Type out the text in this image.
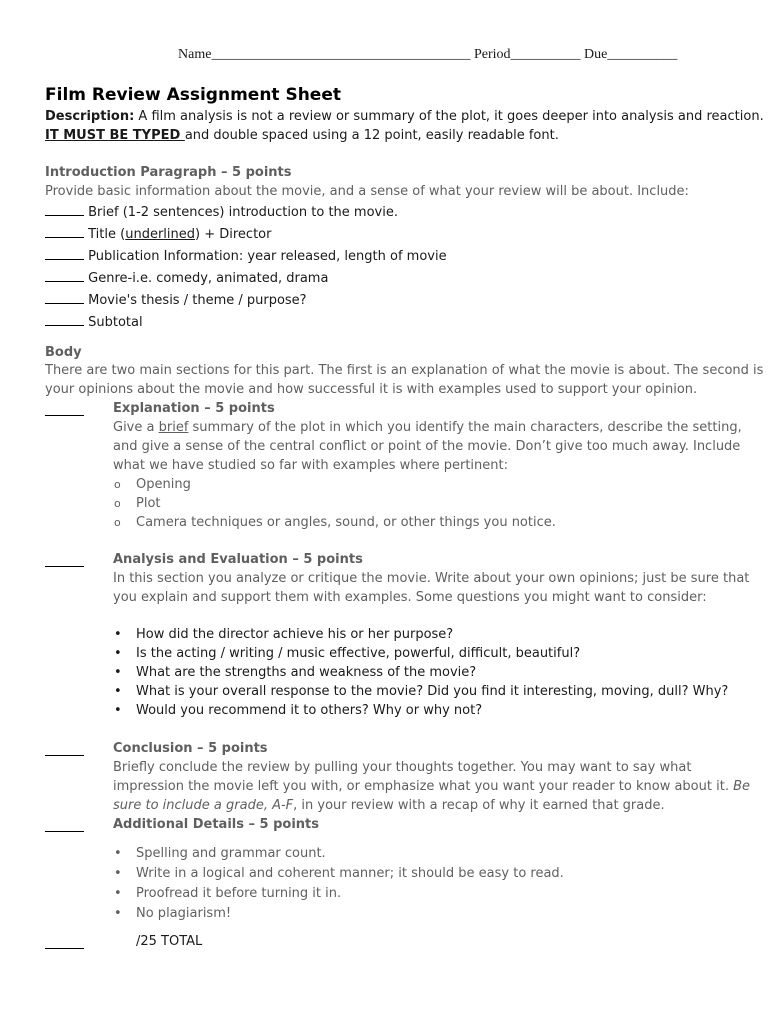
Name_____________________________________ Period__________ Due__________
Film Review Assignment Sheet
Description: A film analysis is not a review or summary of the plot, it goes deeper into analysis and reaction.
IT MUST BE TYPED and double spaced using a 12 point, easily readable font.
Introduction Paragraph – 5 points
Provide basic information about the movie, and a sense of what your review will be about. Include:
Brief (1-2 sentences) introduction to the movie.
Title (underlined) + Director
Publication Information: year released, length of movie
Genre-i.e. comedy, animated, drama
Movie's thesis / theme / purpose?
Subtotal
Body
There are two main sections for this part. The first is an explanation of what the movie is about. The second is
your opinions about the movie and how successful it is with examples used to support your opinion.
Explanation – 5 points
Give a brief summary of the plot in which you identify the main characters, describe the setting,
and give a sense of the central conflict or point of the movie. Don’t give too much away. Include
what we have studied so far with examples where pertinent:
o Opening
o Plot
o Camera techniques or angles, sound, or other things you notice.
Analysis and Evaluation – 5 points
In this section you analyze or critique the movie. Write about your own opinions; just be sure that
you explain and support them with examples. Some questions you might want to consider:
• How did the director achieve his or her purpose?
• Is the acting / writing / music effective, powerful, difficult, beautiful?
• What are the strengths and weakness of the movie?
• What is your overall response to the movie? Did you find it interesting, moving, dull? Why?
• Would you recommend it to others? Why or why not?
Conclusion – 5 points
Briefly conclude the review by pulling your thoughts together. You may want to say what
impression the movie left you with, or emphasize what you want your reader to know about it. Be
sure to include a grade, A-F, in your review with a recap of why it earned that grade.
Additional Details – 5 points
• Spelling and grammar count.
• Write in a logical and coherent manner; it should be easy to read.
• Proofread it before turning it in.
• No plagiarism!
/25 TOTAL
